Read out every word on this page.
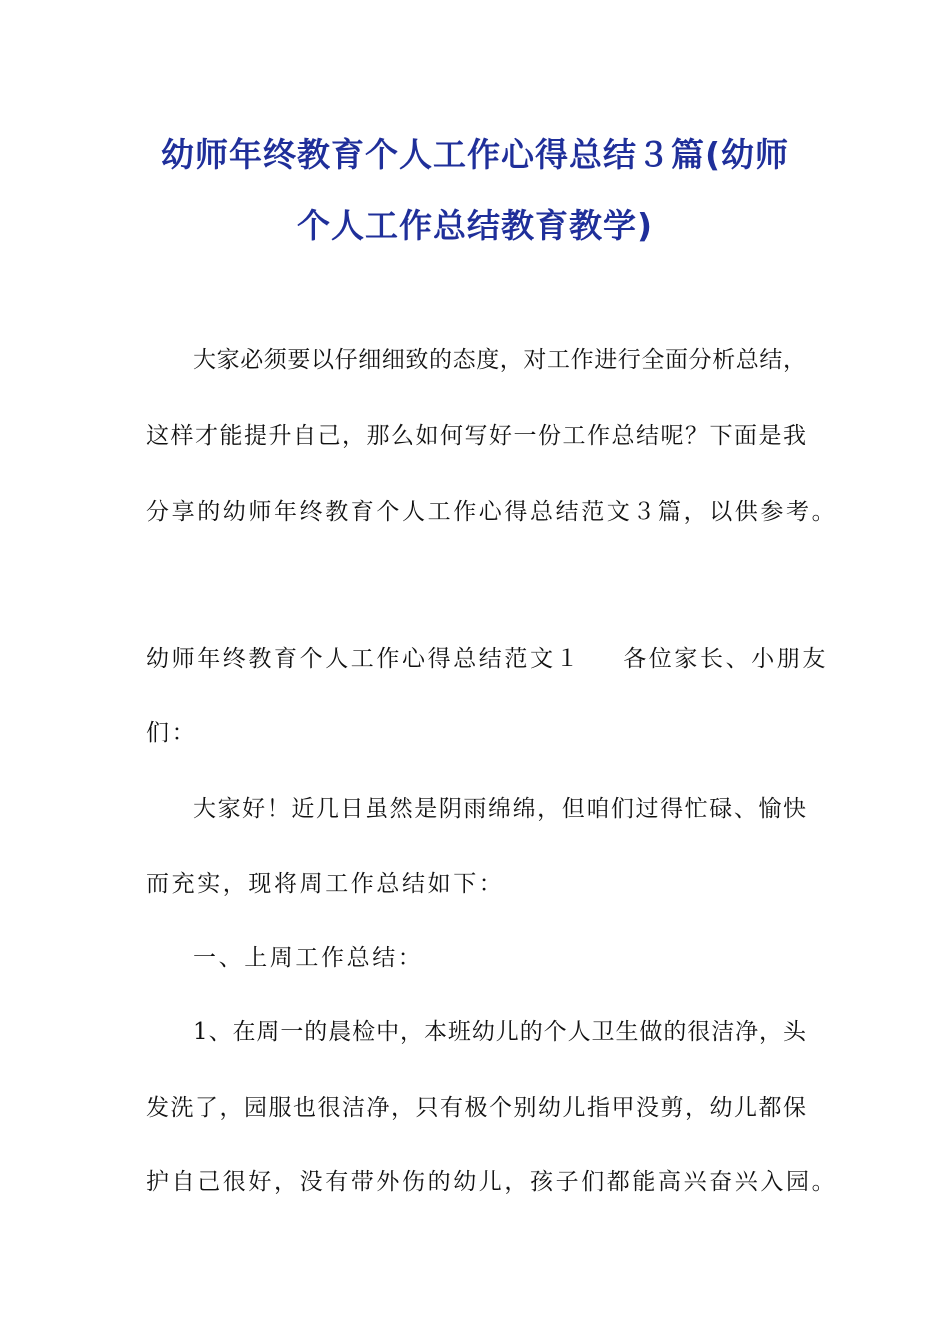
幼师年终教育个人工作心得总结３篇(幼师
个人工作总结教育教学)
大家必须要以仔细细致的态度，对工作进行全面分析总结，
这样才能提升自己，那么如何写好一份工作总结呢？下面是我
分享的幼师年终教育个人工作心得总结范文３篇，以供参考。
幼师年终教育个人工作心得总结范文１ 各位家长、小朋友
们：
大家好！近几日虽然是阴雨绵绵，但咱们过得忙碌、愉快
而充实，现将周工作总结如下：
一、上周工作总结：
1、在周一的晨检中，本班幼儿的个人卫生做的很洁净，头
发洗了，园服也很洁净，只有极个别幼儿指甲没剪，幼儿都保
护自己很好，没有带外伤的幼儿，孩子们都能高兴奋兴入园。
